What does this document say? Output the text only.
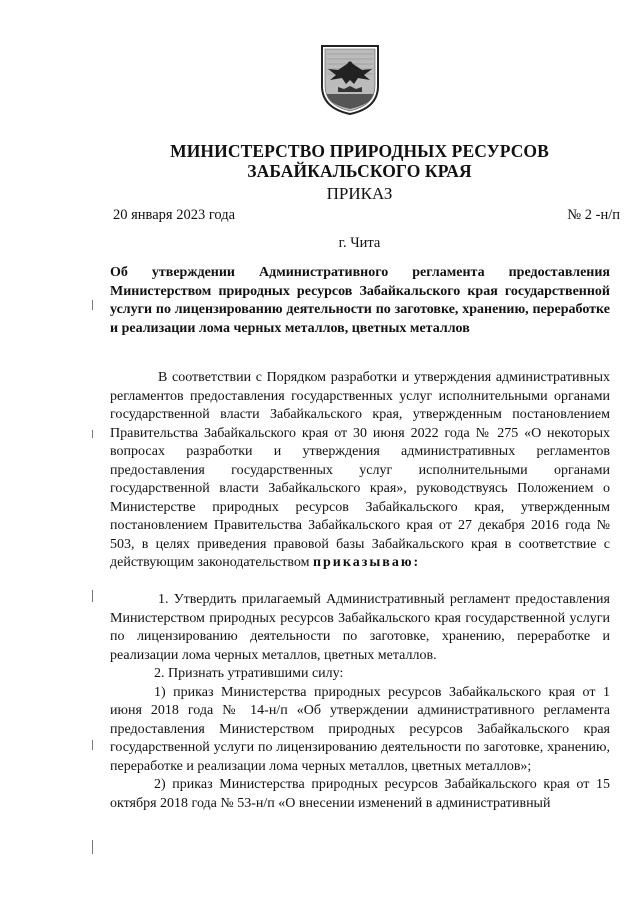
МИНИСТЕРСТВО ПРИРОДНЫХ РЕСУРСОВ
ЗАБАЙКАЛЬСКОГО КРАЯ
ПРИКАЗ
20 января 2023 года	№ 2 -н/п
г. Чита
Об утверждении Административного регламента предоставления Министерством природных ресурсов Забайкальского края государственной услуги по лицензированию деятельности по заготовке, хранению, переработке и реализации лома черных металлов, цветных металлов

В соответствии с Порядком разработки и утверждения административных регламентов предоставления государственных услуг исполнительными органами государственной власти Забайкальского края, утвержденным постановлением Правительства Забайкальского края от 30 июня 2022 года № 275 «О некоторых вопросах разработки и утверждения административных регламентов предоставления государственных услуг исполнительными органами государственной власти Забайкальского края», руководствуясь Положением о Министерстве природных ресурсов Забайкальского края, утвержденным постановлением Правительства Забайкальского края от 27 декабря 2016 года № 503, в целях приведения правовой базы Забайкальского края в соответствие с действующим законодательством приказываю:

1. Утвердить прилагаемый Административный регламент предоставления Министерством природных ресурсов Забайкальского края государственной услуги по лицензированию деятельности по заготовке, хранению, переработке и реализации лома черных металлов, цветных металлов.

2. Признать утратившими силу:

1) приказ Министерства природных ресурсов Забайкальского края от 1 июня 2018 года № 14-н/п «Об утверждении административного регламента предоставления Министерством природных ресурсов Забайкальского края государственной услуги по лицензированию деятельности по заготовке, хранению, переработке и реализации лома черных металлов, цветных металлов»;

2) приказ Министерства природных ресурсов Забайкальского края от 15 октября 2018 года № 53-н/п «О внесении изменений в административный
